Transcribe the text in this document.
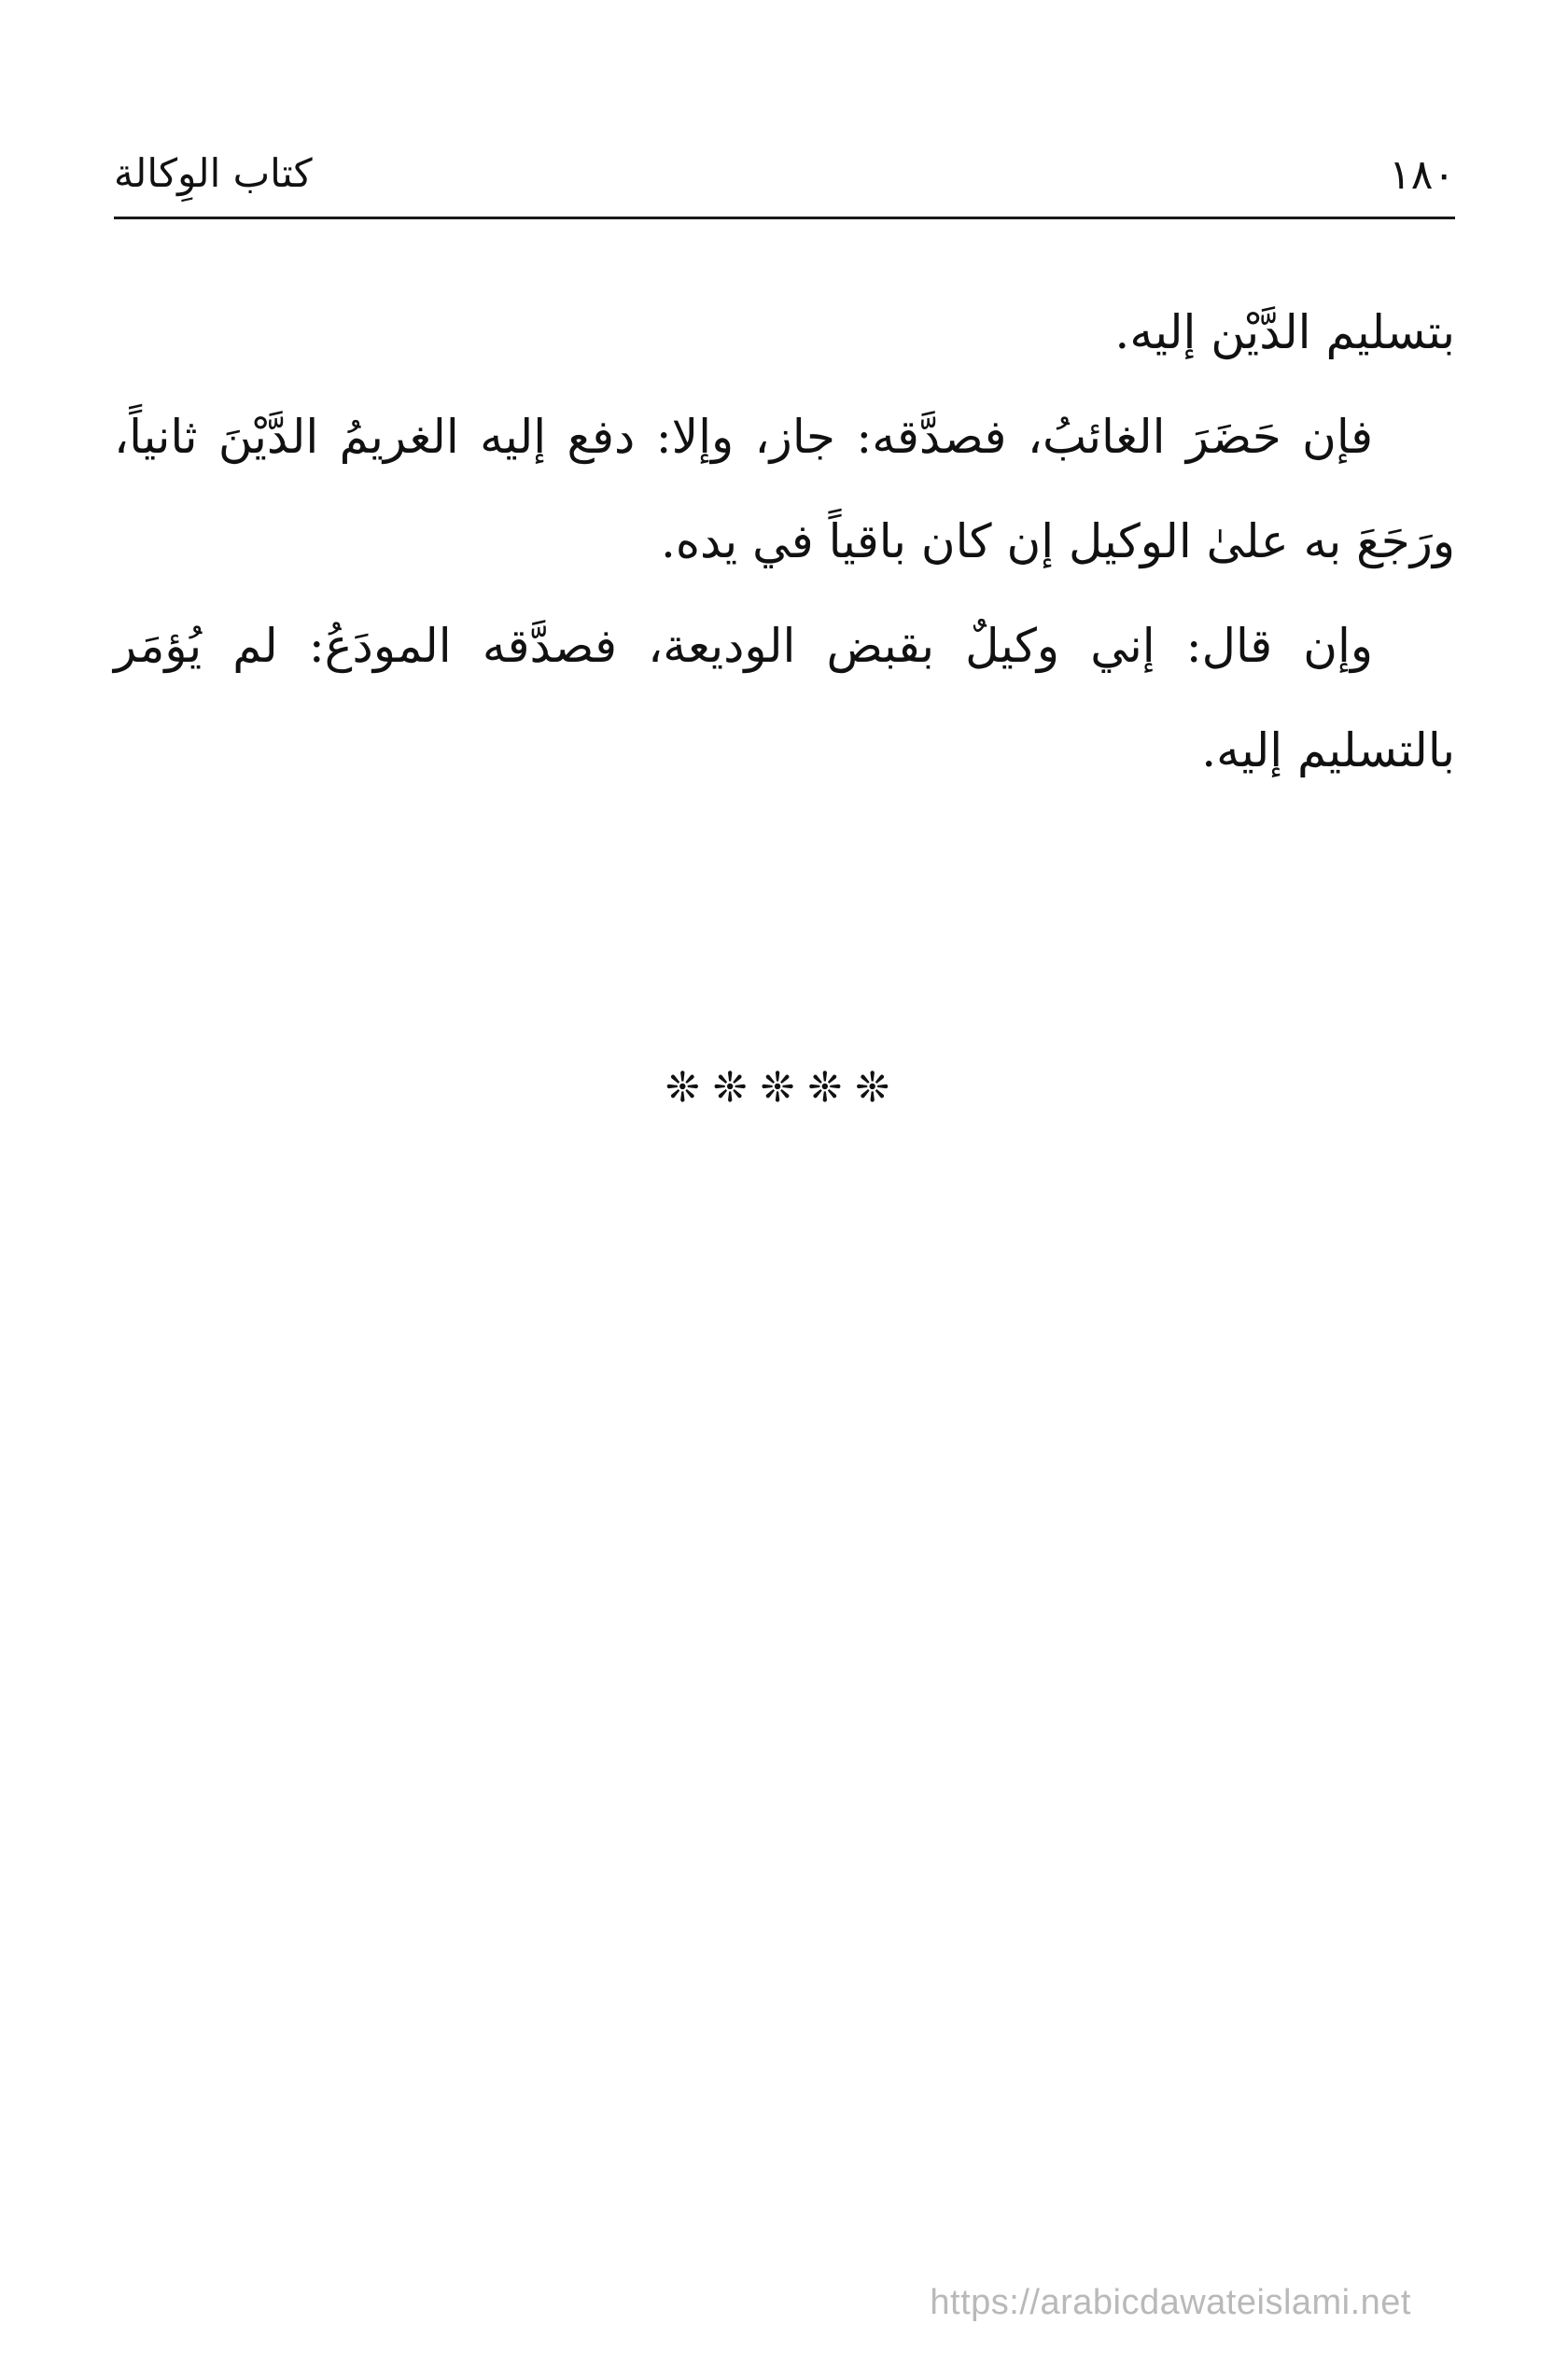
١٨٠
كتاب الوِكالة

بتسليم الدَّيْن إليه.

فإن حَضَرَ الغائبُ، فصدَّقه: جاز، وإلا: دفع إليه الغريمُ الدَّيْنَ ثانياً، ورَجَعَ به علىٰ الوكيل إن كان باقياً في يده.

وإن قال: إني وكيلٌ بقبض الوديعة، فصدَّقه المودَعُ: لم يُؤمَر بالتسليم إليه.

❊❊❊❊❊
https://arabicdawateislami.net
